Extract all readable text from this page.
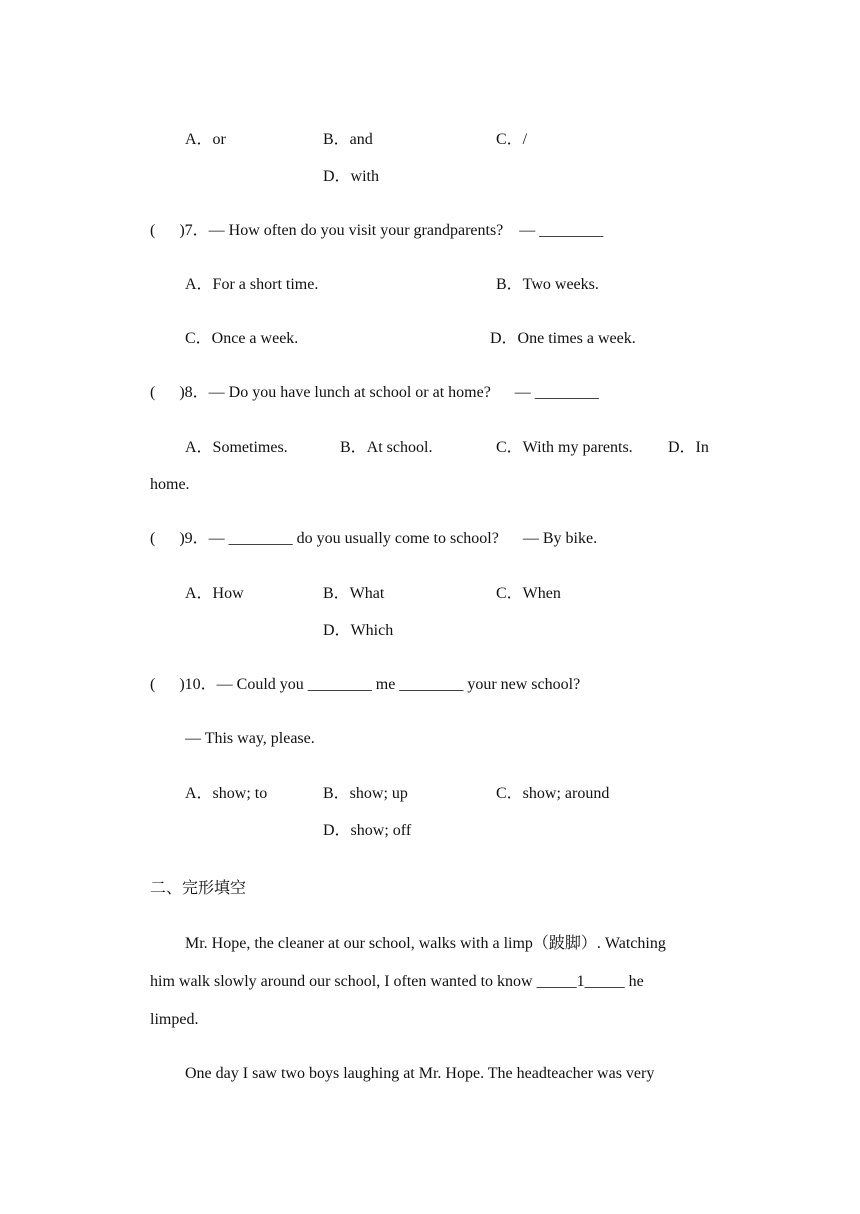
A．or	B．and	C．/
D．with
(      )7．— How often do you visit your grandparents?    — ________
A．For a short time.	B．Two weeks.
C．Once a week.	D．One times a week.
(      )8．— Do you have lunch at school or at home?      — ________
A．Sometimes.	B．At school.	C．With my parents. D．In
home.
(      )9．— ________ do you usually come to school?      — By bike.
A．How	B．What	C．When
D．Which
(      )10．— Could you ________ me ________ your new school?
— This way, please.
A．show; to	B．show; up	C．show; around
D．show; off
二、完形填空
Mr. Hope, the cleaner at our school, walks with a limp（跛脚）. Watching
him walk slowly around our school, I often wanted to know _____1_____ he
limped.
One day I saw two boys laughing at Mr. Hope. The headteacher was very
